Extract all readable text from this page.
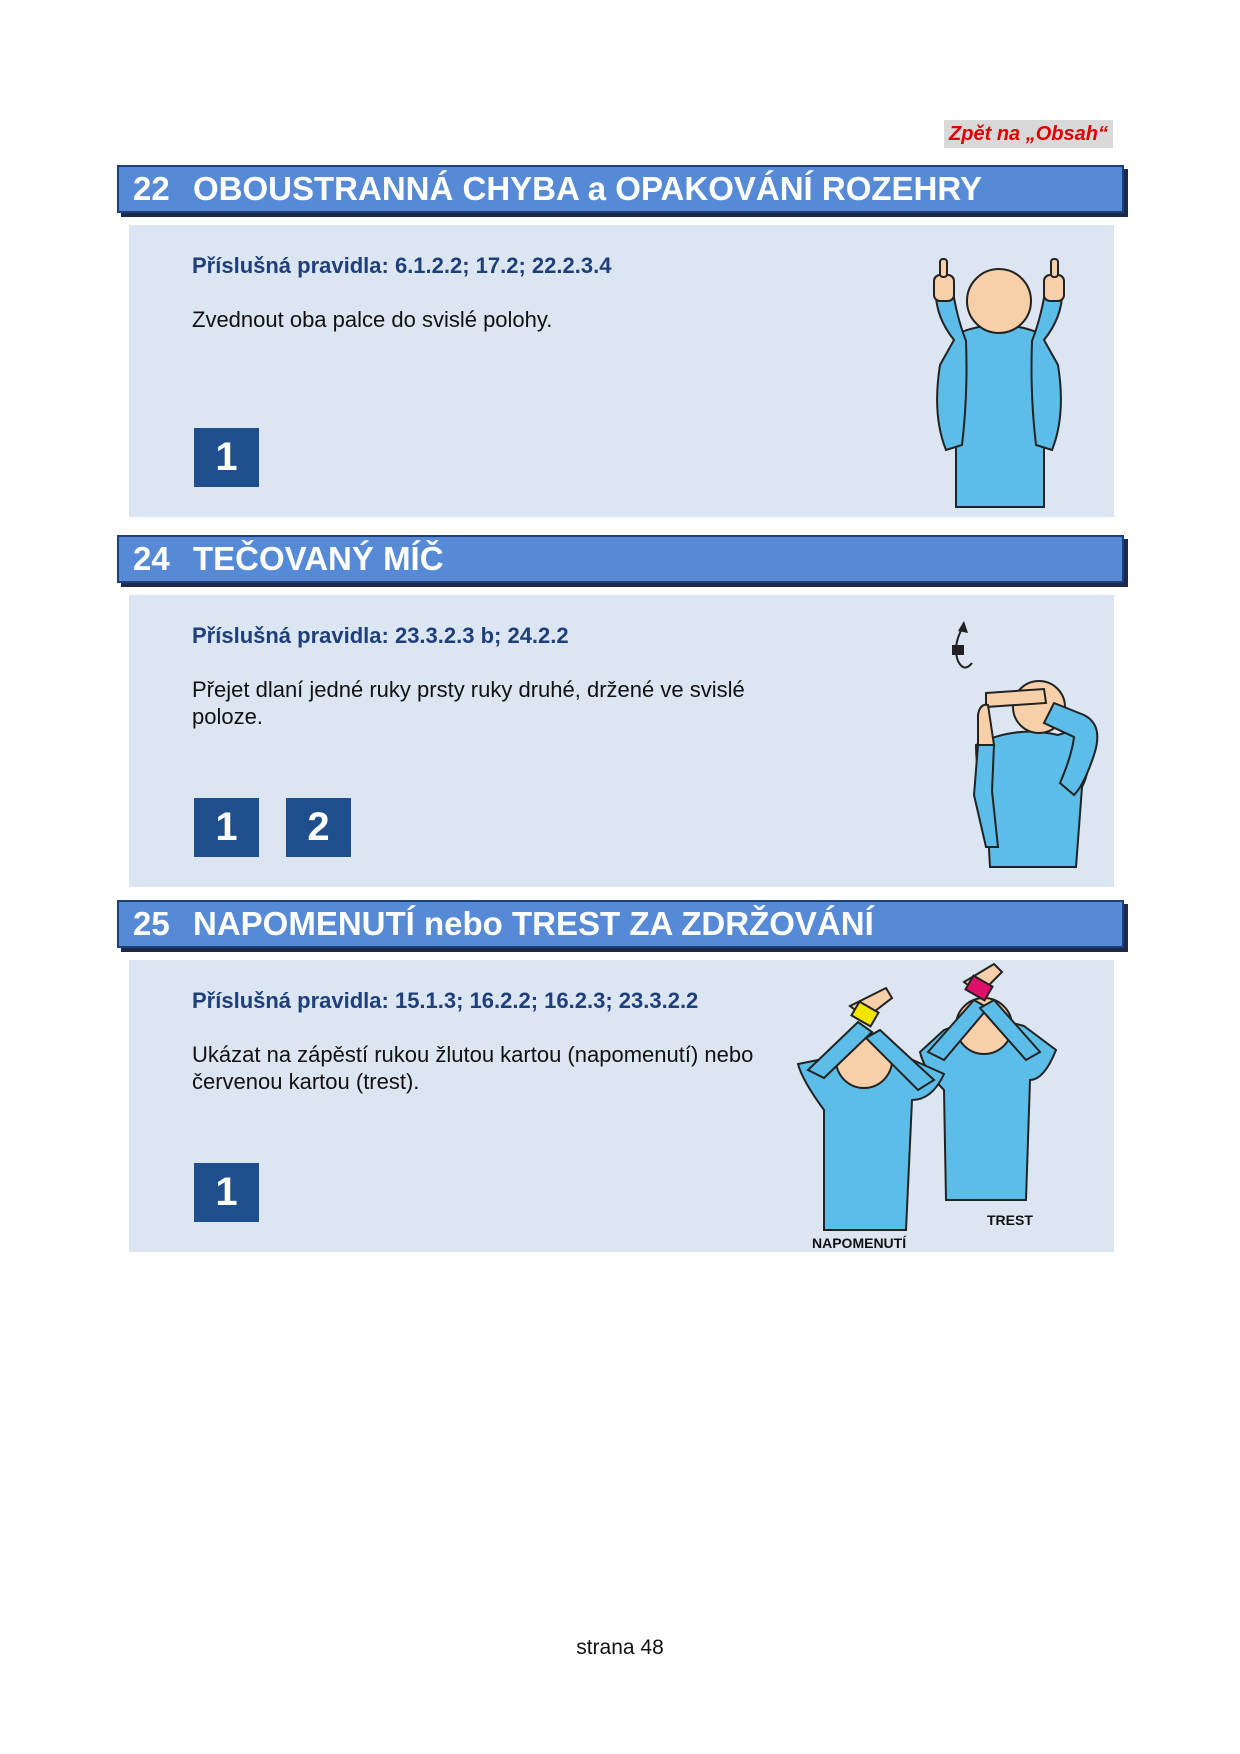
Zpět na „Obsah“
22 OBOUSTRANNÁ CHYBA a OPAKOVÁNÍ ROZEHRY
Příslušná pravidla: 6.1.2.2; 17.2; 22.2.3.4
Zvednout oba palce do svislé polohy.
1
24 TEČOVANÝ MÍČ
Příslušná pravidla: 23.3.2.3 b; 24.2.2
Přejet dlaní jedné ruky prsty ruky druhé, držené ve svislé poloze.
1	2
25 NAPOMENUTÍ nebo TREST ZA ZDRŽOVÁNÍ
Příslušná pravidla: 15.1.3; 16.2.2; 16.2.3; 23.3.2.2
Ukázat na zápěstí rukou žlutou kartou (napomenutí) nebo červenou kartou (trest).
1
TREST
NAPOMENUTÍ
strana 48
